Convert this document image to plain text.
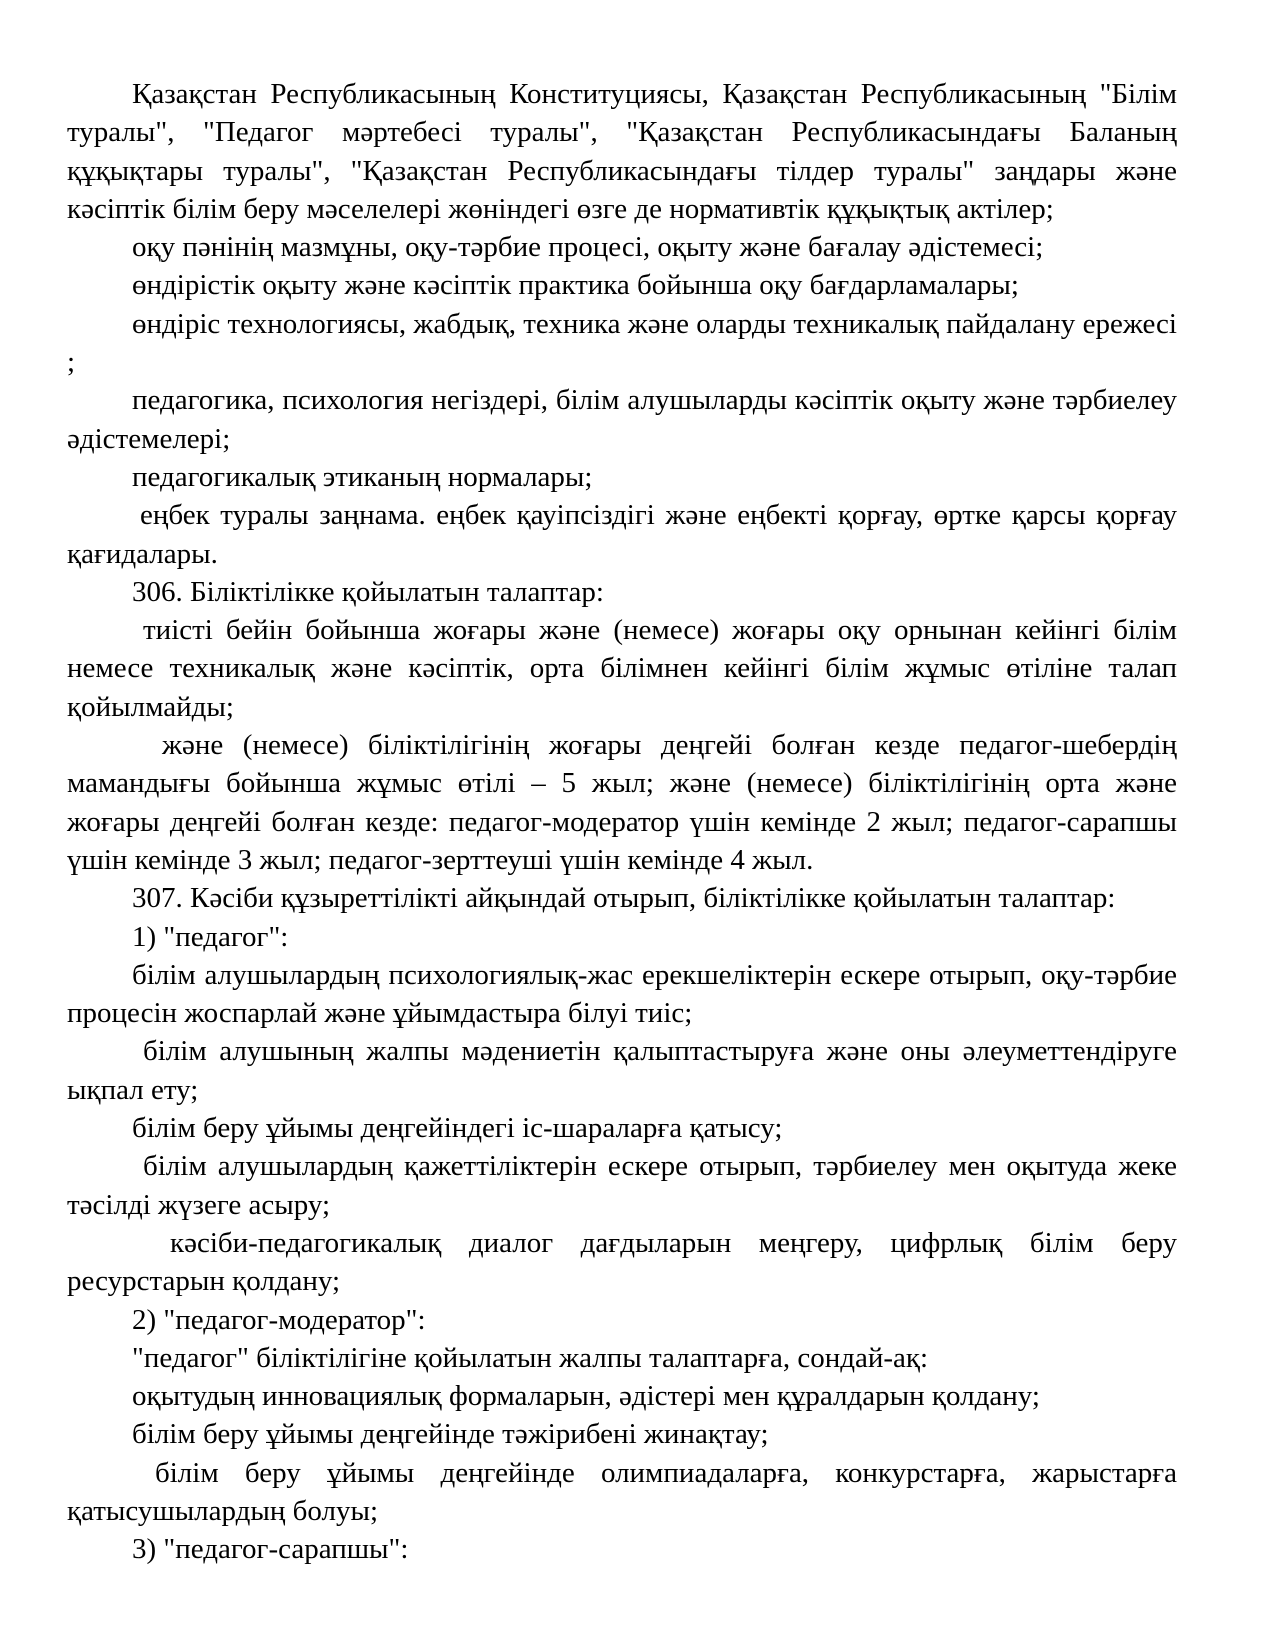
Қазақстан Республикасының Конституциясы, Қазақстан Республикасының "Білім туралы", "Педагог мәртебесі туралы", "Қазақстан Республикасындағы Баланың құқықтары туралы", "Қазақстан Республикасындағы тілдер туралы" заңдары және кәсіптік білім беру мәселелері жөніндегі өзге де нормативтік құқықтық актілер;

оқу пәнінің мазмұны, оқу-тәрбие процесі, оқыту және бағалау әдістемесі;

өндірістік оқыту және кәсіптік практика бойынша оқу бағдарламалары;

өндіріс технологиясы, жабдық, техника және оларды техникалық пайдалану ережесі ;

педагогика, психология негіздері, білім алушыларды кәсіптік оқыту және тәрбиелеу әдістемелері;

педагогикалық этиканың нормалары;

еңбек туралы заңнама. еңбек қауіпсіздігі және еңбекті қорғау, өртке қарсы қорғау қағидалары.

306. Біліктілікке қойылатын талаптар:

тиісті бейін бойынша жоғары және (немесе) жоғары оқу орнынан кейінгі білім немесе техникалық және кәсіптік, орта білімнен кейінгі білім жұмыс өтіліне талап қойылмайды;

және (немесе) біліктілігінің жоғары деңгейі болған кезде педагог-шебердің мамандығы бойынша жұмыс өтілі – 5 жыл; және (немесе) біліктілігінің орта және жоғары деңгейі болған кезде: педагог-модератор үшін кемінде 2 жыл; педагог-сарапшы үшін кемінде 3 жыл; педагог-зерттеуші үшін кемінде 4 жыл.

307. Кәсіби құзыреттілікті айқындай отырып, біліктілікке қойылатын талаптар:

1) "педагог":

білім алушылардың психологиялық-жас ерекшеліктерін ескере отырып, оқу-тәрбие процесін жоспарлай және ұйымдастыра білуі тиіс;

білім алушының жалпы мәдениетін қалыптастыруға және оны әлеуметтендіруге ықпал ету;

білім беру ұйымы деңгейіндегі іс-шараларға қатысу;

білім алушылардың қажеттіліктерін ескере отырып, тәрбиелеу мен оқытуда жеке тәсілді жүзеге асыру;

кәсіби-педагогикалық диалог дағдыларын меңгеру, цифрлық білім беру ресурстарын қолдану;

2) "педагог-модератор":

"педагог" біліктілігіне қойылатын жалпы талаптарға, сондай-ақ:

оқытудың инновациялық формаларын, әдістері мен құралдарын қолдану;

білім беру ұйымы деңгейінде тәжірибені жинақтау;

білім беру ұйымы деңгейінде олимпиадаларға, конкурстарға, жарыстарға қатысушылардың болуы;

3) "педагог-сарапшы":
